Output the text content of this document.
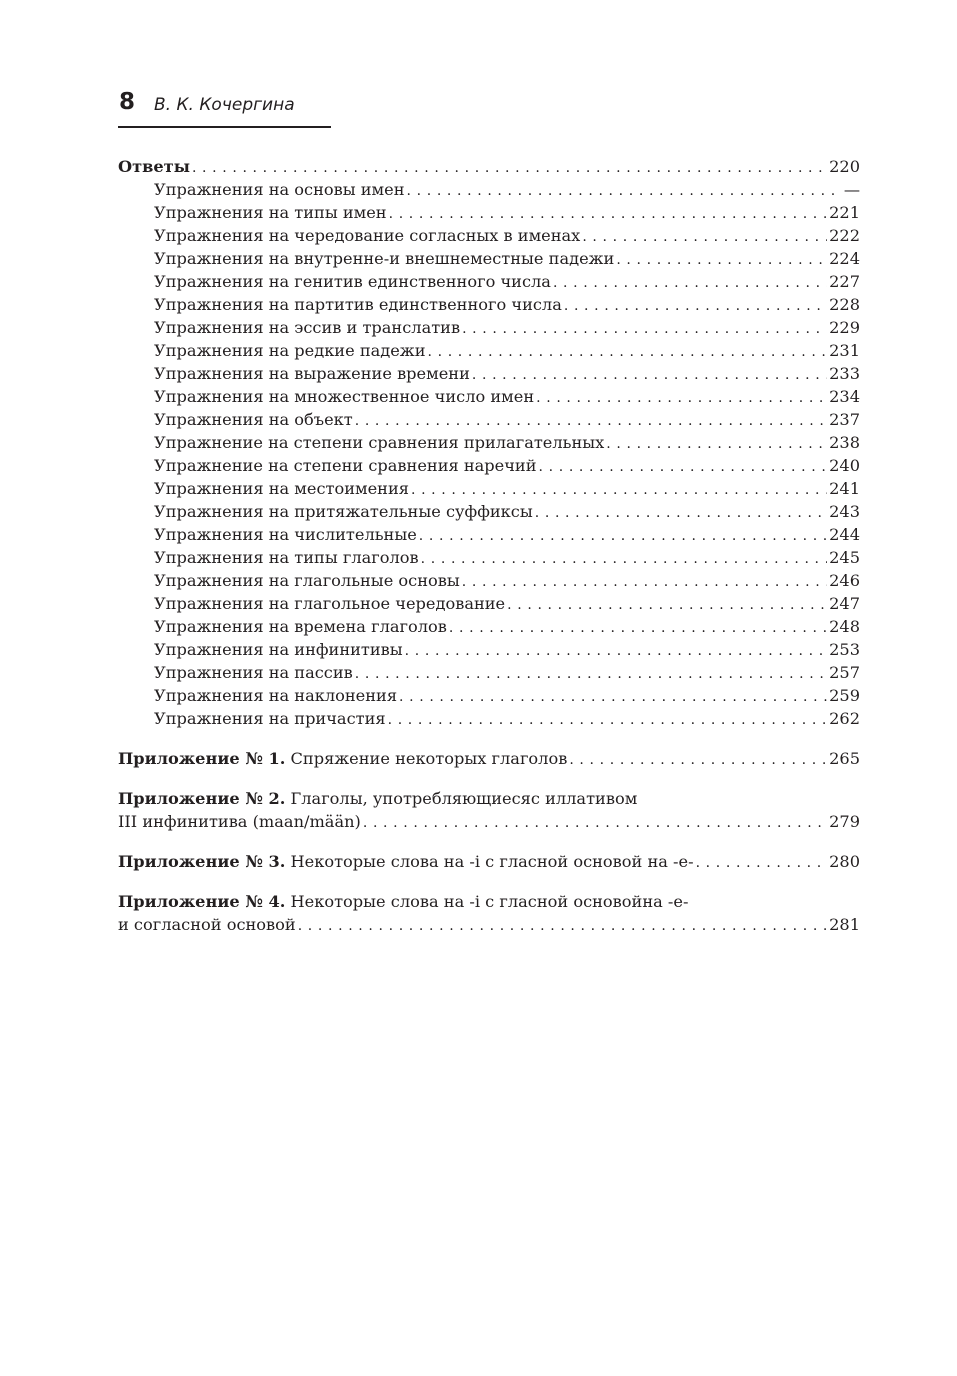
8 В. К. Кочергина
Ответы . . .	220
Упражнения на основы имен . . .	—
Упражнения на типы имен . . .	221
Упражнения на чередование согласных в именах . . .	222
Упражнения на внутренне-и внешнеместные падежи . . .	224
Упражнения на генитив единственного числа . . .	227
Упражнения на партитив единственного числа . . .	228
Упражнения на эссив и транслатив . . .	229
Упражнения на редкие падежи . . .	231
Упражнения на выражение времени . . .	233
Упражнения на множественное число имен . . .	234
Упражнения на объект . . .	237
Упражнение на степени сравнения прилагательных . . .	238
Упражнение на степени сравнения наречий . . .	240
Упражнения на местоимения . . .	241
Упражнения на притяжательные суффиксы . . .	243
Упражнения на числительные . . .	244
Упражнения на типы глаголов . . .	245
Упражнения на глагольные основы . . .	246
Упражнения на глагольное чередование . . .	247
Упражнения на времена глаголов . . .	248
Упражнения на инфинитивы . . .	253
Упражнения на пассив . . .	257
Упражнения на наклонения . . .	259
Упражнения на причастия . . .	262
Приложение № 1. Спряжение некоторых глаголов . . .	265
Приложение № 2. Глаголы, употребляющиесяс иллативом
III инфинитива (maan/mään) . . .	279
Приложение № 3. Некоторые слова на -i с гласной основой на -e- . . .	280
Приложение № 4. Некоторые слова на -i с гласной основойна -e-
и согласной основой . . .	281
